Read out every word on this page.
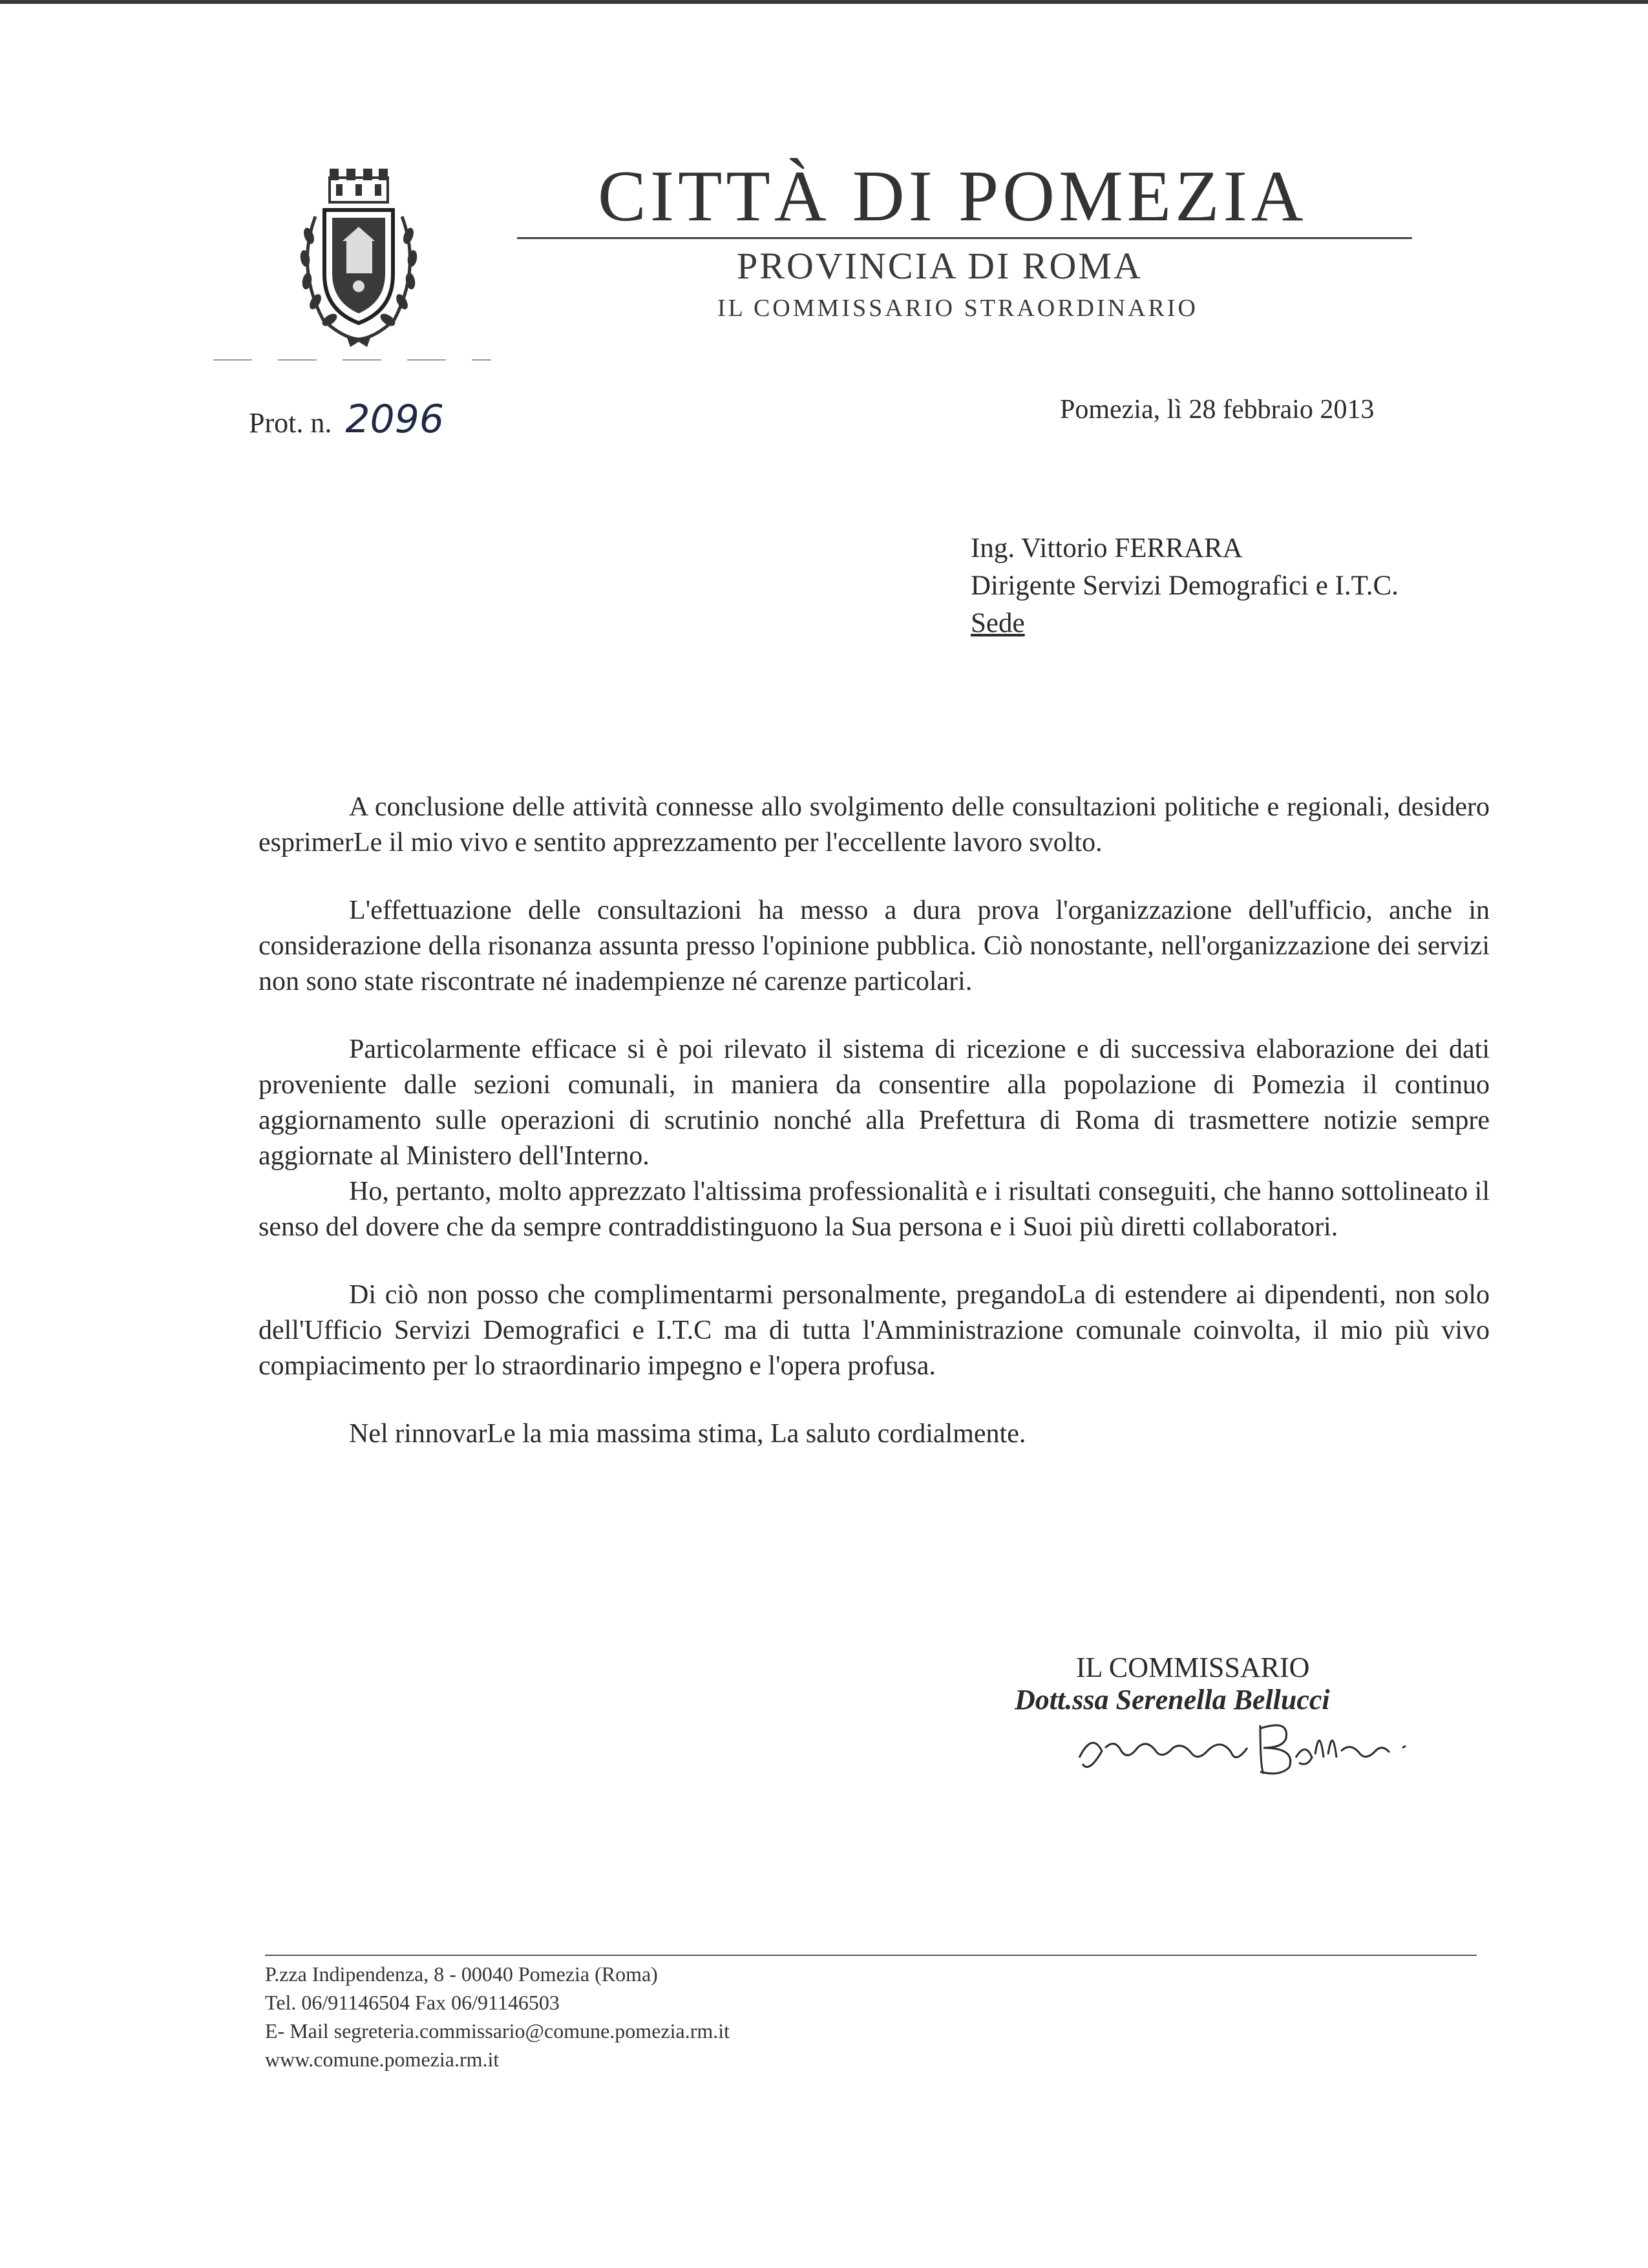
CITTÀ DI POMEZIA
PROVINCIA DI ROMA
IL COMMISSARIO STRAORDINARIO
Prot. n. 2096	Pomezia, lì 28 febbraio 2013
Ing. Vittorio FERRARA
Dirigente Servizi Demografici e I.T.C.
Sede

A conclusione delle attività connesse allo svolgimento delle consultazioni politiche e regionali, desidero esprimerLe il mio vivo e sentito apprezzamento per l'eccellente lavoro svolto.

L'effettuazione delle consultazioni ha messo a dura prova l'organizzazione dell'ufficio, anche in considerazione della risonanza assunta presso l'opinione pubblica. Ciò nonostante, nell'organizzazione dei servizi non sono state riscontrate né inadempienze né carenze particolari.

Particolarmente efficace si è poi rilevato il sistema di ricezione e di successiva elaborazione dei dati proveniente dalle sezioni comunali, in maniera da consentire alla popolazione di Pomezia il continuo aggiornamento sulle operazioni di scrutinio nonché alla Prefettura di Roma di trasmettere notizie sempre aggiornate al Ministero dell'Interno.

Ho, pertanto, molto apprezzato l'altissima professionalità e i risultati conseguiti, che hanno sottolineato il senso del dovere che da sempre contraddistinguono la Sua persona e i Suoi più diretti collaboratori.

Di ciò non posso che complimentarmi personalmente, pregandoLa di estendere ai dipendenti, non solo dell'Ufficio Servizi Demografici e I.T.C ma di tutta l'Amministrazione comunale coinvolta, il mio più vivo compiacimento per lo straordinario impegno e l'opera profusa.

Nel rinnovarLe la mia massima stima, La saluto cordialmente.

IL COMMISSARIO
Dott.ssa Serenella Bellucci
P.zza Indipendenza, 8 - 00040 Pomezia (Roma)
Tel. 06/91146504 Fax 06/91146503
E- Mail segreteria.commissario@comune.pomezia.rm.it
www.comune.pomezia.rm.it
